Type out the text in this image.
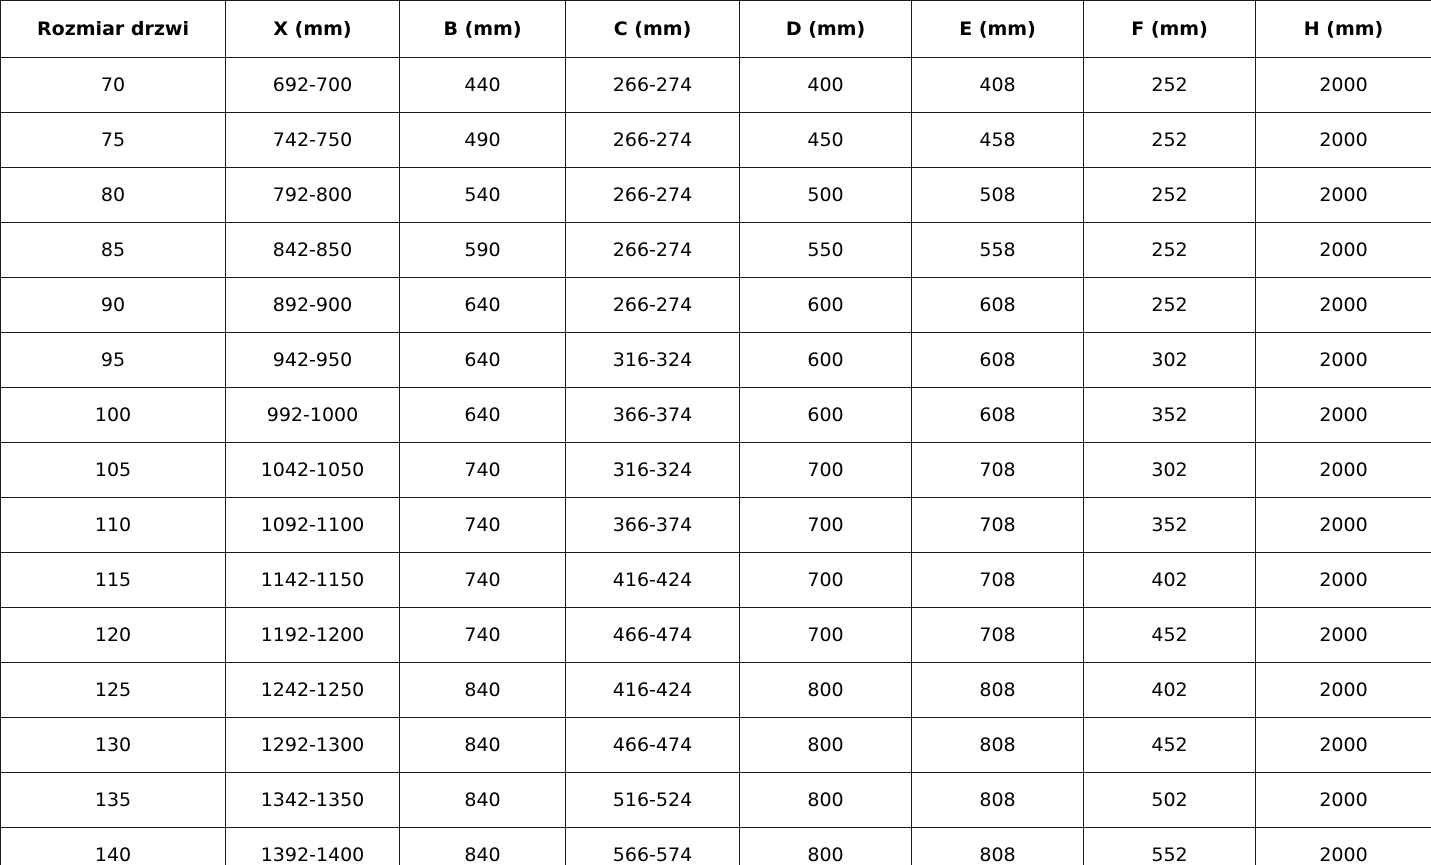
Rozmiar drzwi	X (mm)	B (mm)	C (mm)	D (mm)	E (mm)	F (mm)	H (mm)
70	692-700	440	266-274	400	408	252	2000
75	742-750	490	266-274	450	458	252	2000
80	792-800	540	266-274	500	508	252	2000
85	842-850	590	266-274	550	558	252	2000
90	892-900	640	266-274	600	608	252	2000
95	942-950	640	316-324	600	608	302	2000
100	992-1000	640	366-374	600	608	352	2000
105	1042-1050	740	316-324	700	708	302	2000
110	1092-1100	740	366-374	700	708	352	2000
115	1142-1150	740	416-424	700	708	402	2000
120	1192-1200	740	466-474	700	708	452	2000
125	1242-1250	840	416-424	800	808	402	2000
130	1292-1300	840	466-474	800	808	452	2000
135	1342-1350	840	516-524	800	808	502	2000
140	1392-1400	840	566-574	800	808	552	2000
